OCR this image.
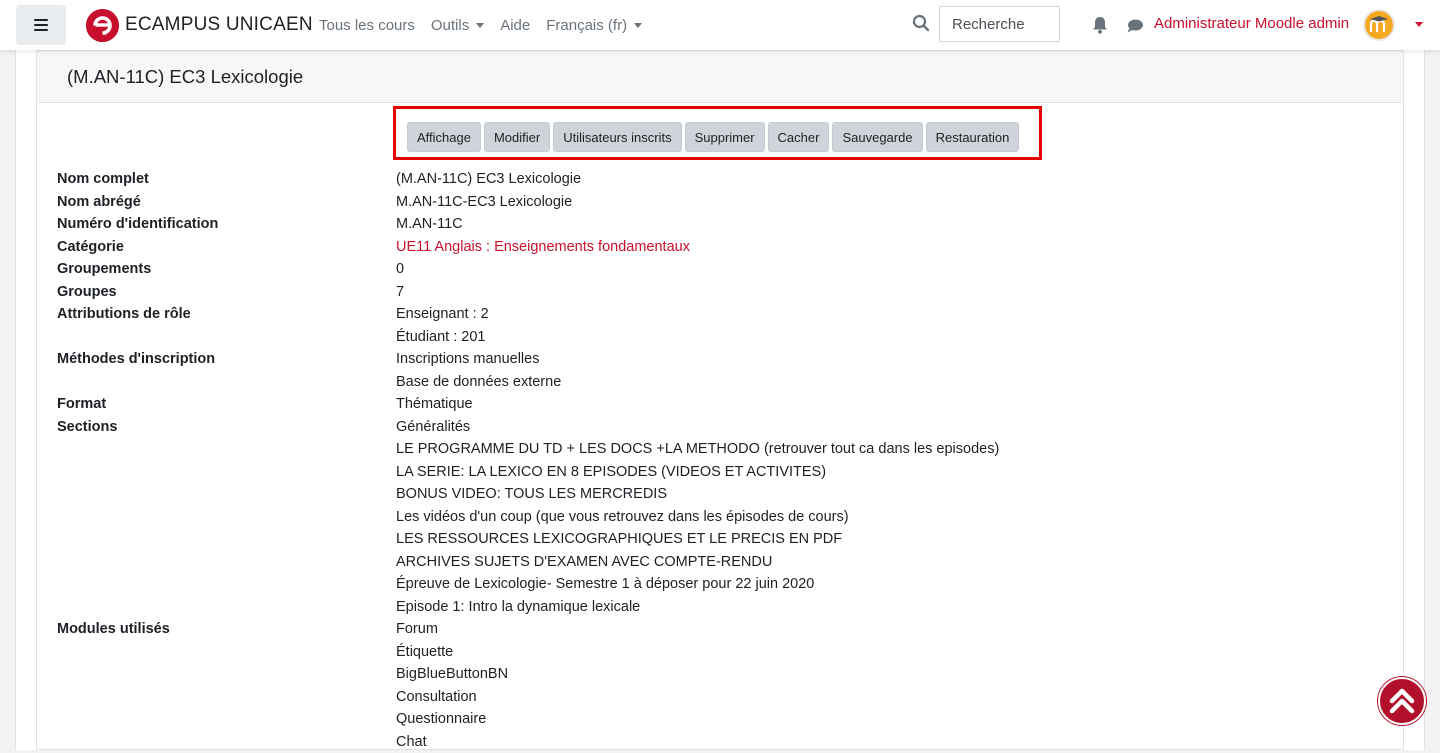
ECAMPUS UNICAEN Tous les cours Outils Aide Français (fr)
Recherche	Administrateur Moodle admin
(M.AN-11C) EC3 Lexicologie
Affichage	Modifier	Utilisateurs inscrits	Supprimer	Cacher	Sauvegarde	Restauration
Nom complet	(M.AN-11C) EC3 Lexicologie
Nom abrégé	M.AN-11C-EC3 Lexicologie
Numéro d'identification	M.AN-11C
Catégorie	UE11 Anglais : Enseignements fondamentaux
Groupements	0
Groupes	7
Attributions de rôle	Enseignant : 2
Étudiant : 201
Méthodes d'inscription	Inscriptions manuelles
Base de données externe
Format	Thématique
Sections	Généralités
LE PROGRAMME DU TD + LES DOCS +LA METHODO (retrouver tout ca dans les episodes)
LA SERIE: LA LEXICO EN 8 EPISODES (VIDEOS ET ACTIVITES)
BONUS VIDEO: TOUS LES MERCREDIS
Les vidéos d'un coup (que vous retrouvez dans les épisodes de cours)
LES RESSOURCES LEXICOGRAPHIQUES ET LE PRECIS EN PDF
ARCHIVES SUJETS D'EXAMEN AVEC COMPTE-RENDU
Épreuve de Lexicologie- Semestre 1 à déposer pour 22 juin 2020
Episode 1: Intro la dynamique lexicale
Modules utilisés	Forum
Étiquette
BigBlueButtonBN
Consultation
Questionnaire
Chat
